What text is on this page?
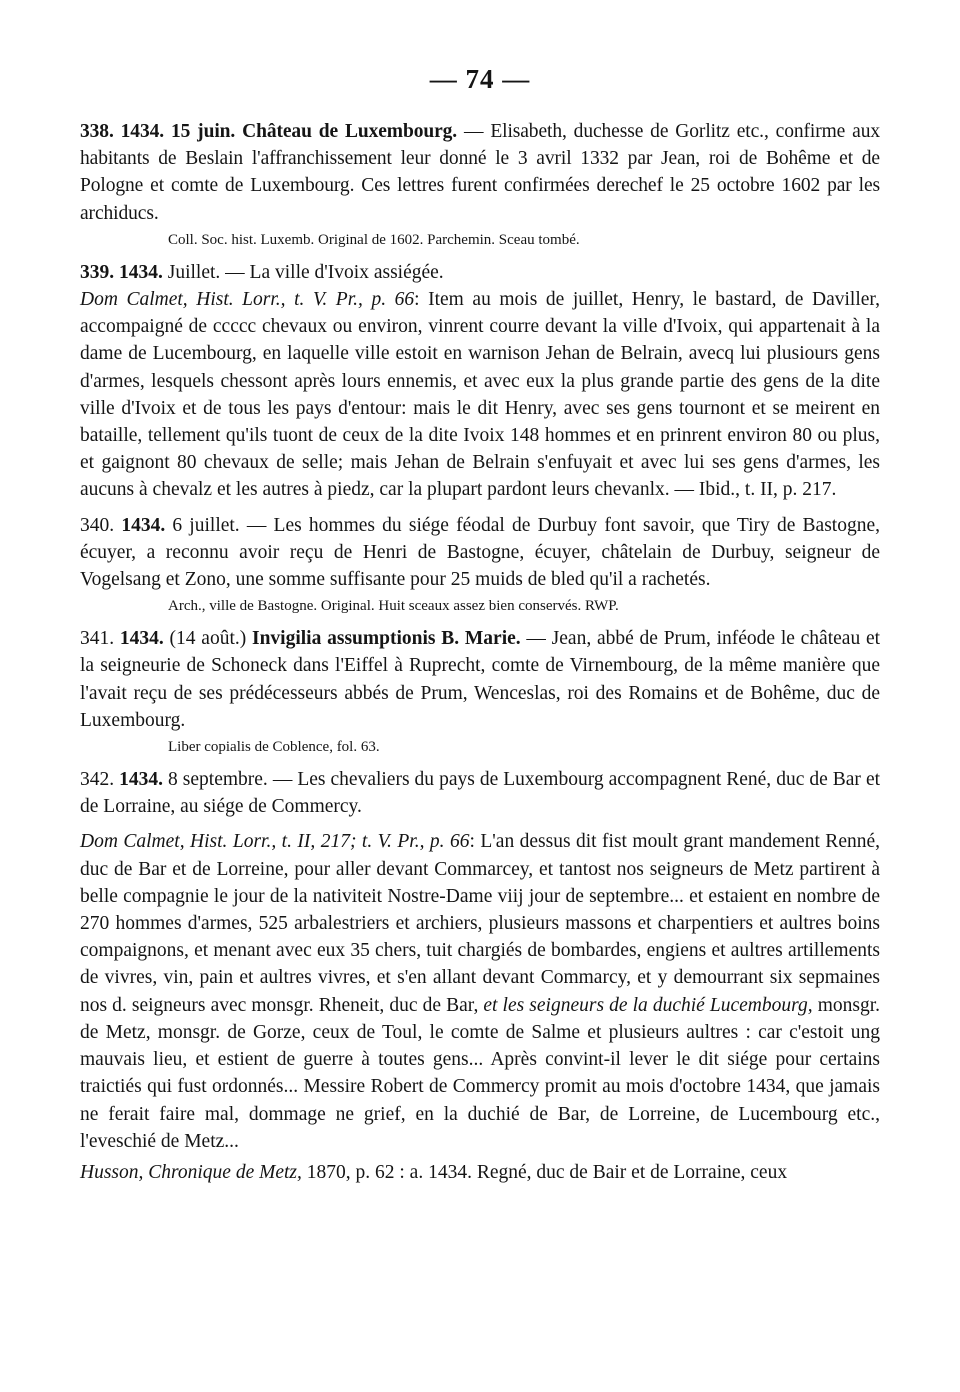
— 74 —

338. 1434. 15 juin. Château de Luxembourg. — Elisabeth, duchesse de Gorlitz etc., confirme aux habitants de Beslain l'affranchissement leur donné le 3 avril 1332 par Jean, roi de Bohême et de Pologne et comte de Luxembourg. Ces lettres furent confirmées derechef le 25 octobre 1602 par les archiducs.

Coll. Soc. hist. Luxemb. Original de 1602. Parchemin. Sceau tombé.

339. 1434. Juillet. — La ville d'Ivoix assiégée.

Dom Calmet, Hist. Lorr., t. V. Pr., p. 66: Item au mois de juillet, Henry, le bastard, de Daviller, accompaigné de ccccc chevaux ou environ, vinrent courre devant la ville d'Ivoix, qui appartenait à la dame de Lucembourg, en laquelle ville estoit en warnison Jehan de Belrain, avecq lui plusiours gens d'armes, lesquels chessont après lours ennemis, et avec eux la plus grande partie des gens de la dite ville d'Ivoix et de tous les pays d'entour: mais le dit Henry, avec ses gens tournont et se meirent en bataille, tellement qu'ils tuont de ceux de la dite Ivoix 148 hommes et en prinrent environ 80 ou plus, et gaignont 80 chevaux de selle; mais Jehan de Belrain s'enfuyait et avec lui ses gens d'armes, les aucuns à chevalz et les autres à piedz, car la plupart pardont leurs chevanlx. — Ibid., t. II, p. 217.

340. 1434. 6 juillet. — Les hommes du siége féodal de Durbuy font savoir, que Tiry de Bastogne, écuyer, a reconnu avoir reçu de Henri de Bastogne, écuyer, châtelain de Durbuy, seigneur de Vogelsang et Zono, une somme suffisante pour 25 muids de bled qu'il a rachetés.

Arch., ville de Bastogne. Original. Huit sceaux assez bien conservés. RWP.

341. 1434. (14 août.) Invigilia assumptionis B. Marie. — Jean, abbé de Prum, inféode le château et la seigneurie de Schoneck dans l'Eiffel à Ruprecht, comte de Virnembourg, de la même manière que l'avait reçu de ses prédécesseurs abbés de Prum, Wenceslas, roi des Romains et de Bohême, duc de Luxembourg.

Liber copialis de Coblence, fol. 63.

342. 1434. 8 septembre. — Les chevaliers du pays de Luxembourg accompagnent René, duc de Bar et de Lorraine, au siége de Commercy.

Dom Calmet, Hist. Lorr., t. II, 217; t. V. Pr., p. 66: L'an dessus dit fist moult grant mandement Renné, duc de Bar et de Lorreine, pour aller devant Commarcey, et tantost nos seigneurs de Metz partirent à belle compagnie le jour de la nativiteit Nostre-Dame viij jour de septembre... et estaient en nombre de 270 hommes d'armes, 525 arbalestriers et archiers, plusieurs massons et charpentiers et aultres boins compaignons, et menant avec eux 35 chers, tuit chargiés de bombardes, engiens et aultres artillements de vivres, vin, pain et aultres vivres, et s'en allant devant Commarcy, et y demourrant six sepmaines nos d. seigneurs avec monsgr. Rheneit, duc de Bar, et les seigneurs de la duchié Lucembourg, monsgr. de Metz, monsgr. de Gorze, ceux de Toul, le comte de Salme et plusieurs aultres : car c'estoit ung mauvais lieu, et estient de guerre à toutes gens... Après convint-il lever le dit siége pour certains traictiés qui fust ordonnés... Messire Robert de Commercy promit au mois d'octobre 1434, que jamais ne ferait faire mal, dommage ne grief, en la duchié de Bar, de Lorreine, de Lucembourg etc., l'eveschié de Metz...

Husson, Chronique de Metz, 1870, p. 62 : a. 1434. Regné, duc de Bair et de Lorraine, ceux
